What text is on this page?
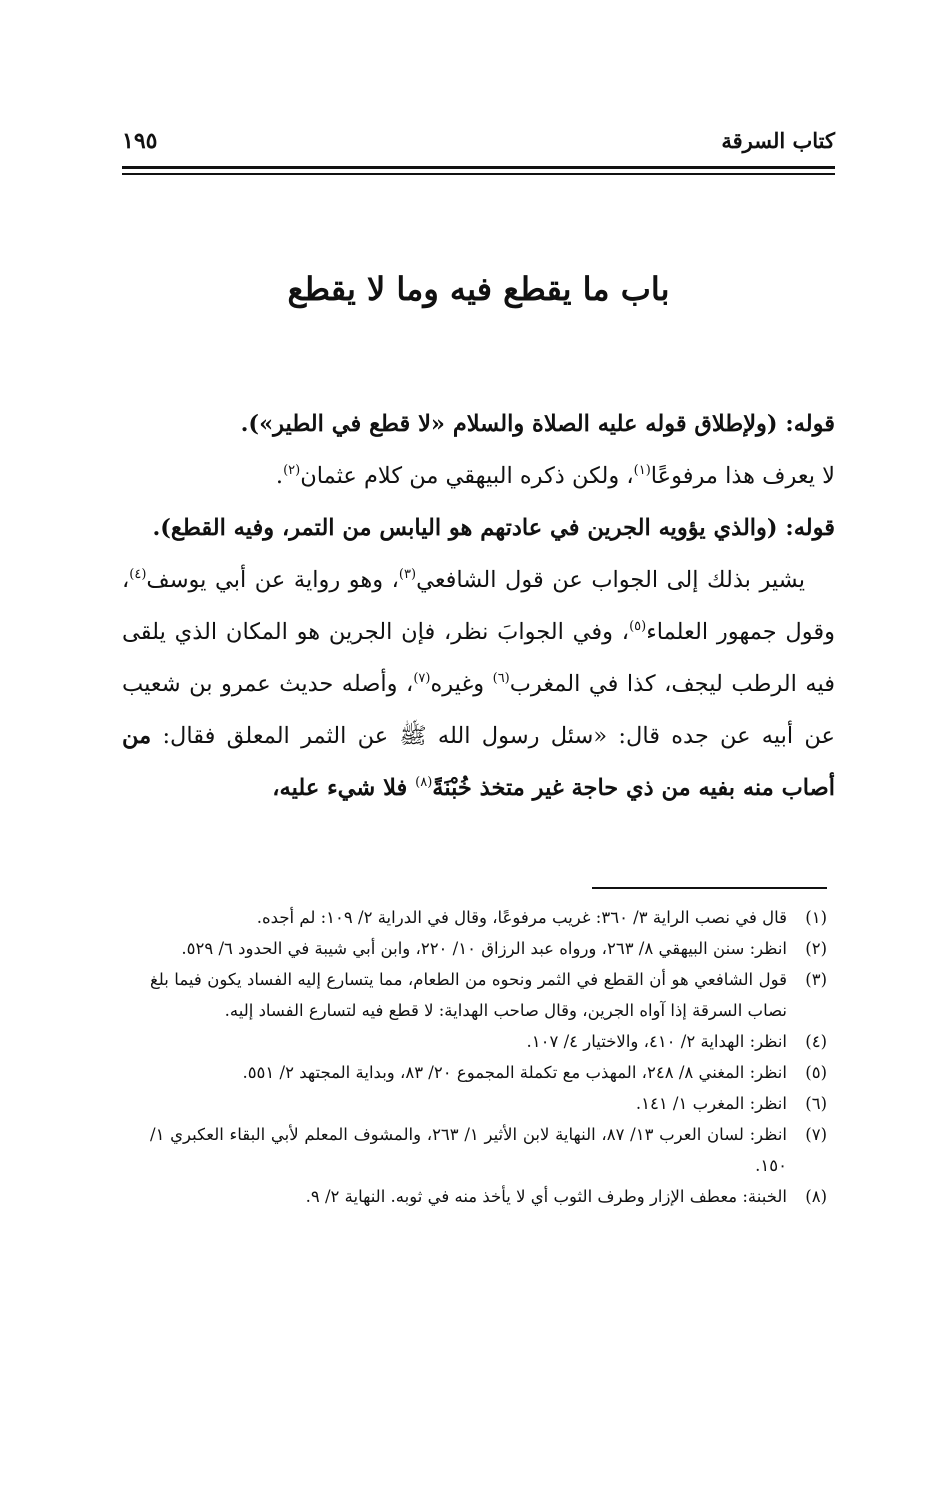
كتاب السرقة
١٩٥
باب ما يقطع فيه وما لا يقطع

قوله: (ولإطلاق قوله عليه الصلاة والسلام «لا قطع في الطير»).

لا يعرف هذا مرفوعًا$^{(١)}$، ولكن ذكره البيهقي من كلام عثمان$^{(٢)}$.

قوله: (والذي يؤويه الجرين في عادتهم هو اليابس من التمر، وفيه القطع).

يشير بذلك إلى الجواب عن قول الشافعي$^{(٣)}$، وهو رواية عن أبي يوسف$^{(٤)}$، وقول جمهور العلماء$^{(٥)}$، وفي الجوابَ نظر، فإن الجرين هو المكان الذي يلقى فيه الرطب ليجف، كذا في المغرب$^{(٦)}$ وغيره$^{(٧)}$، وأصله حديث عمرو بن شعيب عن أبيه عن جده قال: «سئل رسول الله ﷺ عن الثمر المعلق فقال: من أصاب منه بفيه من ذي حاجة غير متخذ خُبْنَةً$^{(٨)}$ فلا شيء عليه،

(١)
قال في نصب الراية ٣/ ٣٦٠: غريب مرفوعًا، وقال في الدراية ٢/ ١٠٩: لم أجده.
(٢)
انظر: سنن البيهقي ٨/ ٢٦٣، ورواه عبد الرزاق ١٠/ ٢٢٠، وابن أبي شيبة في الحدود ٦/ ٥٢٩.
(٣)
قول الشافعي هو أن القطع في الثمر ونحوه من الطعام، مما يتسارع إليه الفساد يكون فيما بلغ نصاب السرقة إذا آواه الجرين، وقال صاحب الهداية: لا قطع فيه لتسارع الفساد إليه.
(٤)
انظر: الهداية ٢/ ٤١٠، والاختيار ٤/ ١٠٧.
(٥)
انظر: المغني ٨/ ٢٤٨، المهذب مع تكملة المجموع ٢٠/ ٨٣، وبداية المجتهد ٢/ ٥٥١.
(٦)
انظر: المغرب ١/ ١٤١.
(٧)
انظر: لسان العرب ١٣/ ٨٧، النهاية لابن الأثير ١/ ٢٦٣، والمشوف المعلم لأبي البقاء العكبري ١/ ١٥٠.
(٨)
الخبنة: معطف الإزار وطرف الثوب أي لا يأخذ منه في ثوبه. النهاية ٢/ ٩.
